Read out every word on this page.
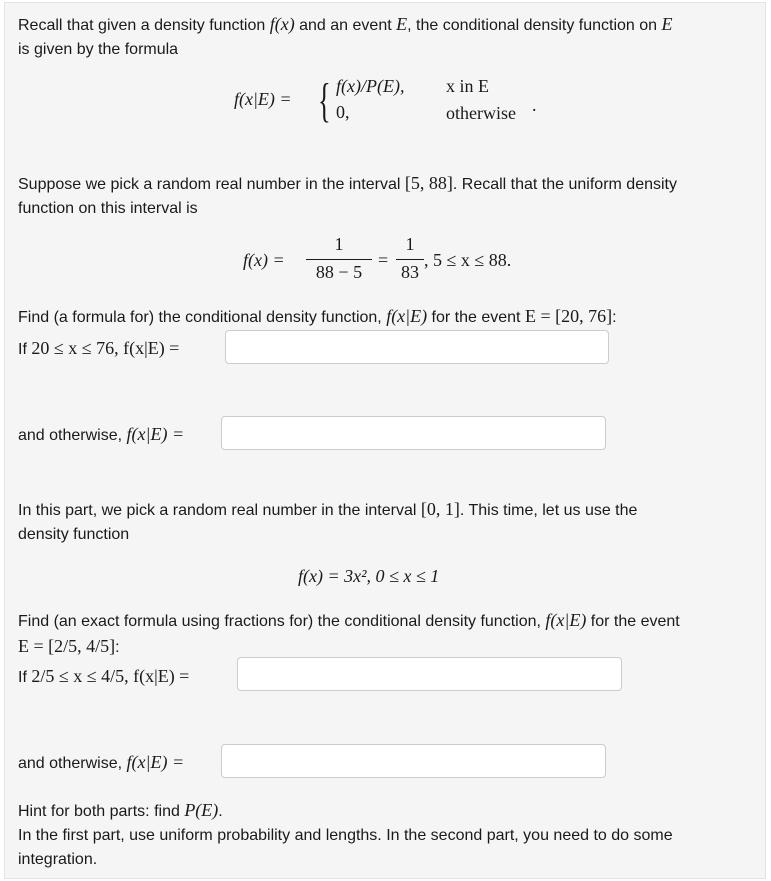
Recall that given a density function f(x) and an event E, the conditional density function on E
is given by the formula
f(x|E) = { f(x)/P(E), x in E
0,	otherwise .
Suppose we pick a random real number in the interval [5, 88]. Recall that the uniform density
function on this interval is
f(x) =
1
88 − 5
=
1
83
, 5 ≤ x ≤ 88.
Find (a formula for) the conditional density function, f(x|E) for the event E = [20, 76]:
If 20 ≤ x ≤ 76, f(x|E) =
and otherwise, f(x|E) =
In this part, we pick a random real number in the interval [0, 1]. This time, let us use the
density function
f(x) = 3x², 0 ≤ x ≤ 1
Find (an exact formula using fractions for) the conditional density function, f(x|E) for the event
E = [2/5, 4/5]:
If 2/5 ≤ x ≤ 4/5, f(x|E) =
and otherwise, f(x|E) =
Hint for both parts: find P(E).
In the first part, use uniform probability and lengths. In the second part, you need to do some
integration.
